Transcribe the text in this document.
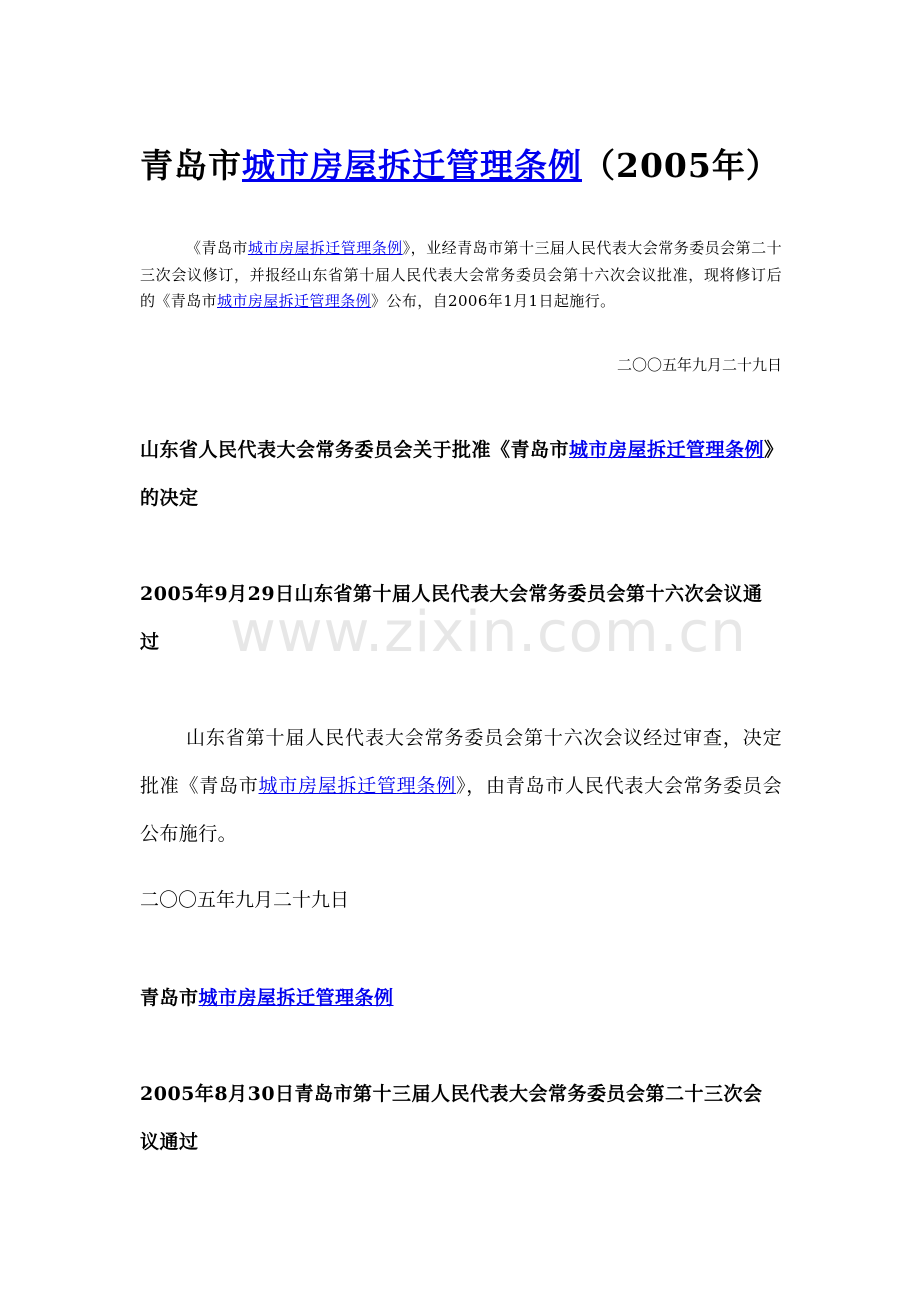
www.zixin.com.cn
青岛市城市房屋拆迁管理条例（2005年）
《青岛市城市房屋拆迁管理条例》，业经青岛市第十三届人民代表大会常务委员会第二十三次会议修订，并报经山东省第十届人民代表大会常务委员会第十六次会议批准，现将修订后的《青岛市城市房屋拆迁管理条例》公布，自2006年1月1日起施行。
二〇〇五年九月二十九日
山东省人民代表大会常务委员会关于批准《青岛市城市房屋拆迁管理条例》的决定
2005年9月29日山东省第十届人民代表大会常务委员会第十六次会议通过
山东省第十届人民代表大会常务委员会第十六次会议经过审查，决定批准《青岛市城市房屋拆迁管理条例》，由青岛市人民代表大会常务委员会公布施行。
二〇〇五年九月二十九日
青岛市城市房屋拆迁管理条例
2005年8月30日青岛市第十三届人民代表大会常务委员会第二十三次会议通过
